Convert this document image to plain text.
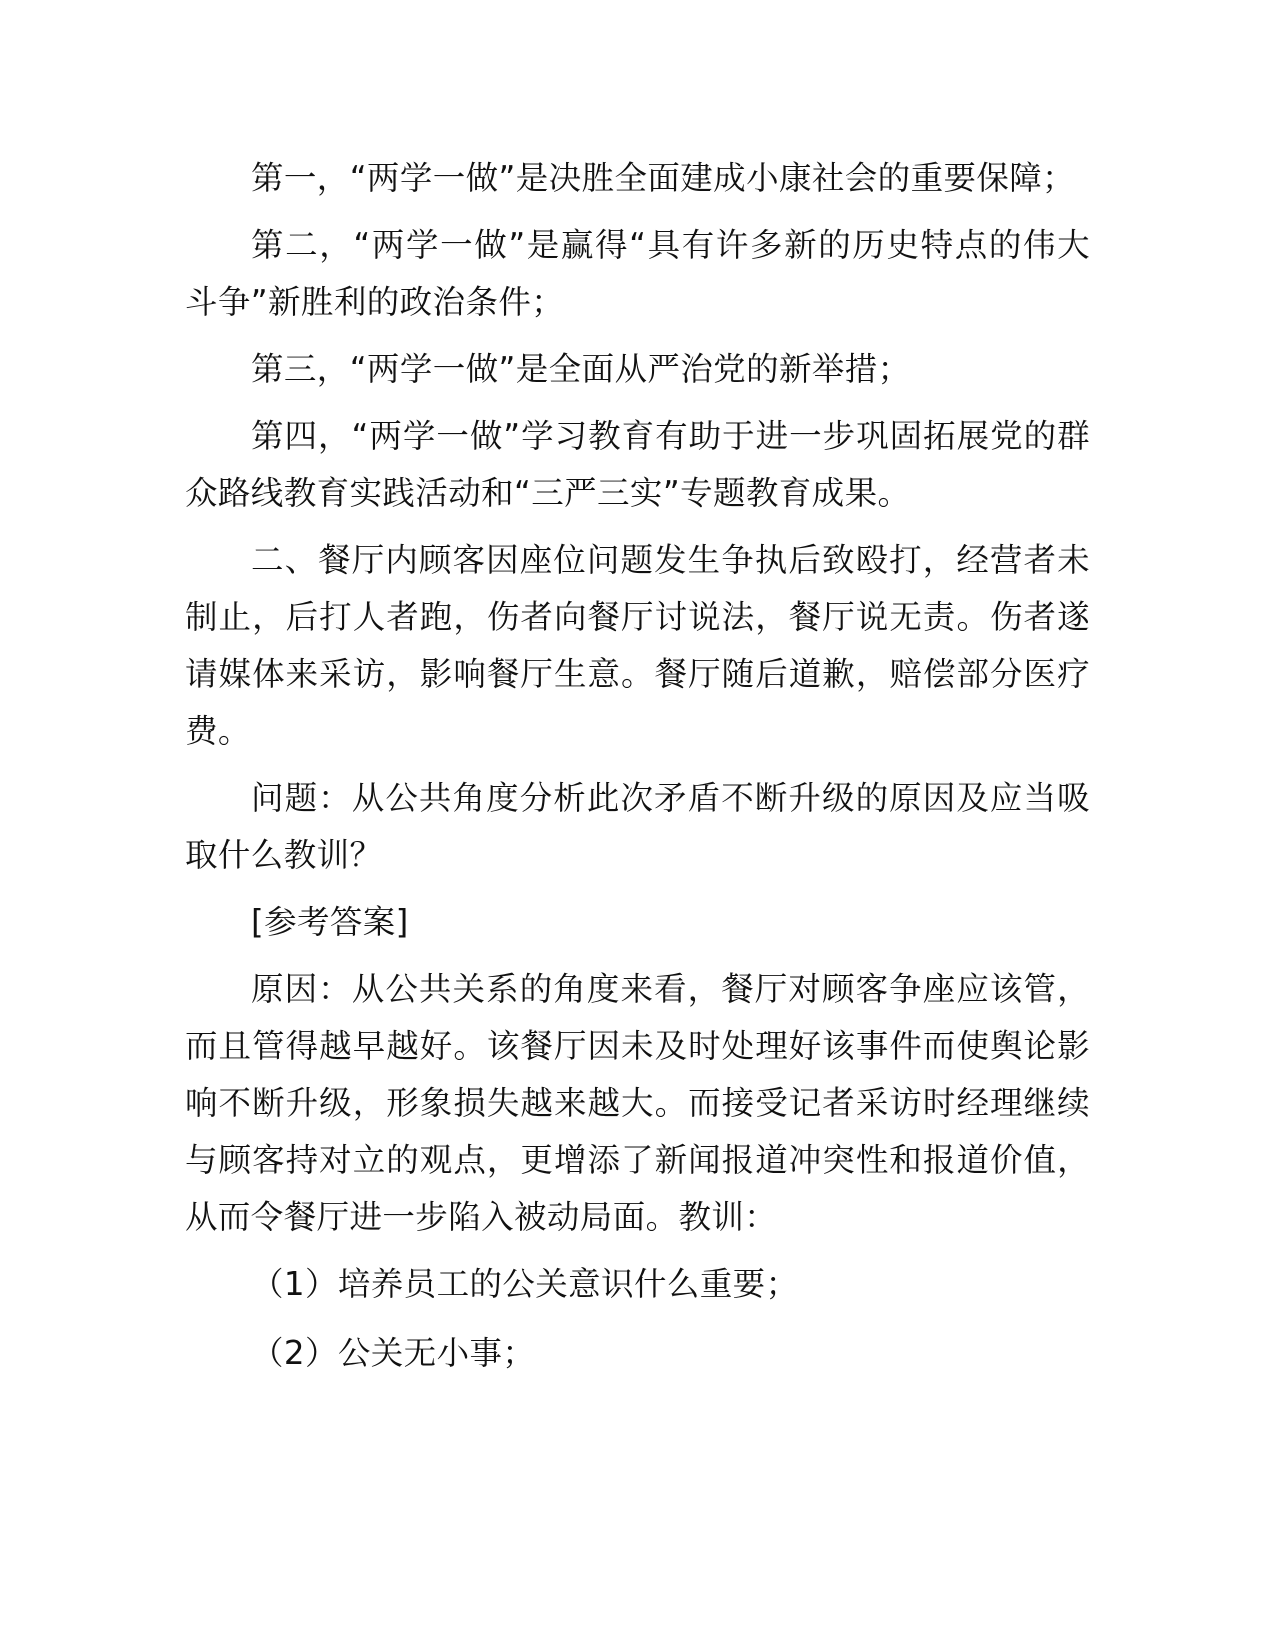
第一，“两学一做”是决胜全面建成小康社会的重要保障；

第二，“两学一做”是赢得“具有许多新的历史特点的伟大斗争”新胜利的政治条件；

第三，“两学一做”是全面从严治党的新举措；

第四，“两学一做”学习教育有助于进一步巩固拓展党的群众路线教育实践活动和“三严三实”专题教育成果。

二、餐厅内顾客因座位问题发生争执后致殴打，经营者未制止，后打人者跑，伤者向餐厅讨说法，餐厅说无责。伤者遂请媒体来采访，影响餐厅生意。餐厅随后道歉，赔偿部分医疗费。

问题：从公共角度分析此次矛盾不断升级的原因及应当吸取什么教训？

[参考答案]

原因：从公共关系的角度来看，餐厅对顾客争座应该管，而且管得越早越好。该餐厅因未及时处理好该事件而使舆论影响不断升级，形象损失越来越大。而接受记者采访时经理继续与顾客持对立的观点，更增添了新闻报道冲突性和报道价值，从而令餐厅进一步陷入被动局面。教训：

（1）培养员工的公关意识什么重要；

（2）公关无小事；
